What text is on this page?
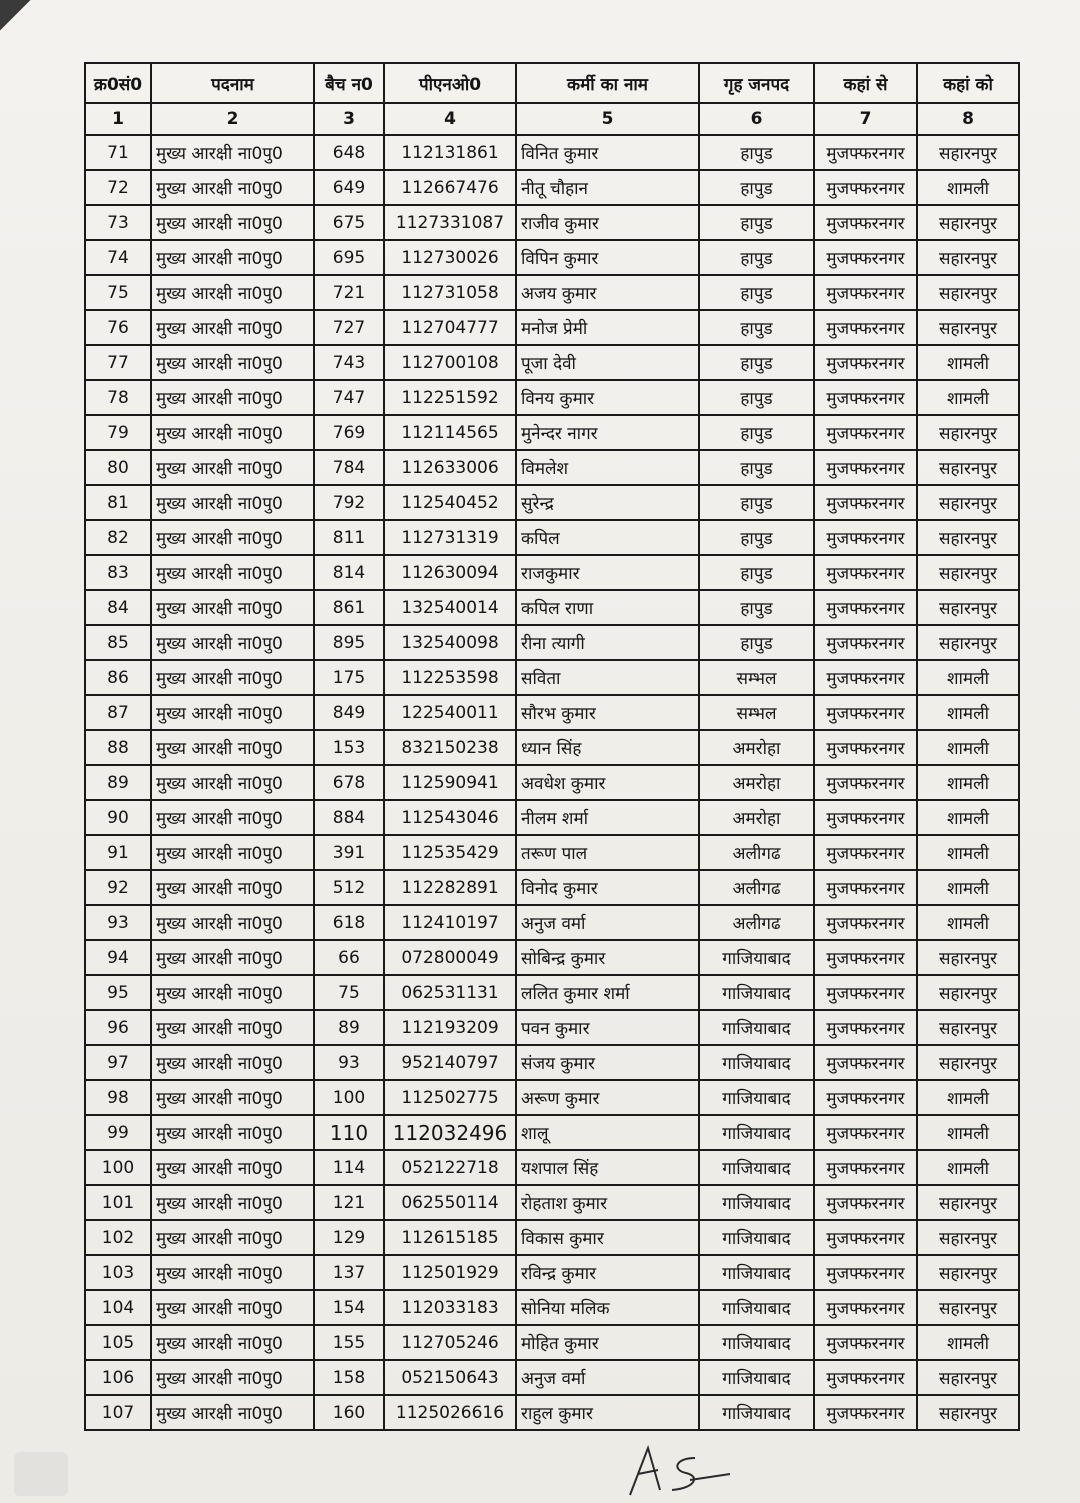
क्र0सं0	पदनाम	बैच न0	पीएनओ0	कर्मी का नाम	गृह जनपद	कहां से	कहां को
1	2	3	4	5	6	7	8
71	मुख्य आरक्षी ना0पु0	648	112131861	विनित कुमार	हापुड	मुजफ्फरनगर	सहारनपुर
72	मुख्य आरक्षी ना0पु0	649	112667476	नीतू चौहान	हापुड	मुजफ्फरनगर	शामली
73	मुख्य आरक्षी ना0पु0	675	1127331087	राजीव कुमार	हापुड	मुजफ्फरनगर	सहारनपुर
74	मुख्य आरक्षी ना0पु0	695	112730026	विपिन कुमार	हापुड	मुजफ्फरनगर	सहारनपुर
75	मुख्य आरक्षी ना0पु0	721	112731058	अजय कुमार	हापुड	मुजफ्फरनगर	सहारनपुर
76	मुख्य आरक्षी ना0पु0	727	112704777	मनोज प्रेमी	हापुड	मुजफ्फरनगर	सहारनपुर
77	मुख्य आरक्षी ना0पु0	743	112700108	पूजा देवी	हापुड	मुजफ्फरनगर	शामली
78	मुख्य आरक्षी ना0पु0	747	112251592	विनय कुमार	हापुड	मुजफ्फरनगर	शामली
79	मुख्य आरक्षी ना0पु0	769	112114565	मुनेन्दर नागर	हापुड	मुजफ्फरनगर	सहारनपुर
80	मुख्य आरक्षी ना0पु0	784	112633006	विमलेश	हापुड	मुजफ्फरनगर	सहारनपुर
81	मुख्य आरक्षी ना0पु0	792	112540452	सुरेन्द्र	हापुड	मुजफ्फरनगर	सहारनपुर
82	मुख्य आरक्षी ना0पु0	811	112731319	कपिल	हापुड	मुजफ्फरनगर	सहारनपुर
83	मुख्य आरक्षी ना0पु0	814	112630094	राजकुमार	हापुड	मुजफ्फरनगर	सहारनपुर
84	मुख्य आरक्षी ना0पु0	861	132540014	कपिल राणा	हापुड	मुजफ्फरनगर	सहारनपुर
85	मुख्य आरक्षी ना0पु0	895	132540098	रीना त्यागी	हापुड	मुजफ्फरनगर	सहारनपुर
86	मुख्य आरक्षी ना0पु0	175	112253598	सविता	सम्भल	मुजफ्फरनगर	शामली
87	मुख्य आरक्षी ना0पु0	849	122540011	सौरभ कुमार	सम्भल	मुजफ्फरनगर	शामली
88	मुख्य आरक्षी ना0पु0	153	832150238	ध्यान सिंह	अमरोहा	मुजफ्फरनगर	शामली
89	मुख्य आरक्षी ना0पु0	678	112590941	अवधेश कुमार	अमरोहा	मुजफ्फरनगर	शामली
90	मुख्य आरक्षी ना0पु0	884	112543046	नीलम शर्मा	अमरोहा	मुजफ्फरनगर	शामली
91	मुख्य आरक्षी ना0पु0	391	112535429	तरूण पाल	अलीगढ	मुजफ्फरनगर	शामली
92	मुख्य आरक्षी ना0पु0	512	112282891	विनोद कुमार	अलीगढ	मुजफ्फरनगर	शामली
93	मुख्य आरक्षी ना0पु0	618	112410197	अनुज वर्मा	अलीगढ	मुजफ्फरनगर	शामली
94	मुख्य आरक्षी ना0पु0	66	072800049	सोबिन्द्र कुमार	गाजियाबाद	मुजफ्फरनगर	सहारनपुर
95	मुख्य आरक्षी ना0पु0	75	062531131	ललित कुमार शर्मा	गाजियाबाद	मुजफ्फरनगर	सहारनपुर
96	मुख्य आरक्षी ना0पु0	89	112193209	पवन कुमार	गाजियाबाद	मुजफ्फरनगर	सहारनपुर
97	मुख्य आरक्षी ना0पु0	93	952140797	संजय कुमार	गाजियाबाद	मुजफ्फरनगर	सहारनपुर
98	मुख्य आरक्षी ना0पु0	100	112502775	अरूण कुमार	गाजियाबाद	मुजफ्फरनगर	शामली
99	मुख्य आरक्षी ना0पु0	110	112032496	शालू	गाजियाबाद	मुजफ्फरनगर	शामली
100	मुख्य आरक्षी ना0पु0	114	052122718	यशपाल सिंह	गाजियाबाद	मुजफ्फरनगर	शामली
101	मुख्य आरक्षी ना0पु0	121	062550114	रोहताश कुमार	गाजियाबाद	मुजफ्फरनगर	सहारनपुर
102	मुख्य आरक्षी ना0पु0	129	112615185	विकास कुमार	गाजियाबाद	मुजफ्फरनगर	सहारनपुर
103	मुख्य आरक्षी ना0पु0	137	112501929	रविन्द्र कुमार	गाजियाबाद	मुजफ्फरनगर	सहारनपुर
104	मुख्य आरक्षी ना0पु0	154	112033183	सोनिया मलिक	गाजियाबाद	मुजफ्फरनगर	सहारनपुर
105	मुख्य आरक्षी ना0पु0	155	112705246	मोहित कुमार	गाजियाबाद	मुजफ्फरनगर	शामली
106	मुख्य आरक्षी ना0पु0	158	052150643	अनुज वर्मा	गाजियाबाद	मुजफ्फरनगर	सहारनपुर
107	मुख्य आरक्षी ना0पु0	160	1125026616	राहुल कुमार	गाजियाबाद	मुजफ्फरनगर	सहारनपुर
